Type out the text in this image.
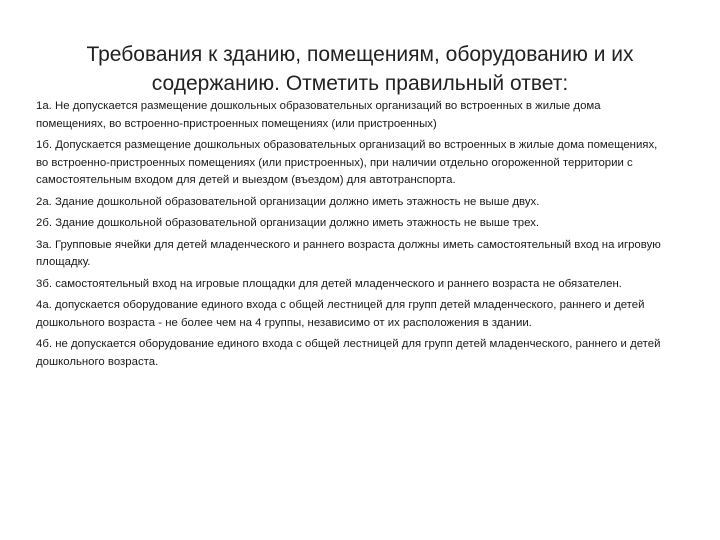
Требования к зданию, помещениям, оборудованию и их содержанию. Отметить правильный ответ:
1а. Не допускается размещение дошкольных образовательных организаций во встроенных в жилые дома помещениях, во встроенно-пристроенных помещениях (или пристроенных)
1б. Допускается размещение дошкольных образовательных организаций во встроенных в жилые дома помещениях, во встроенно-пристроенных помещениях (или пристроенных), при наличии отдельно огороженной территории с самостоятельным входом для детей и выездом (въездом) для автотранспорта.
2а. Здание дошкольной образовательной организации должно иметь этажность не выше двух.
2б. Здание дошкольной образовательной организации должно иметь этажность не выше трех.
3а. Групповые ячейки для детей младенческого и раннего возраста должны иметь самостоятельный вход на игровую площадку.
3б. самостоятельный вход на игровые площадки для детей младенческого и раннего возраста не обязателен.
4а. допускается оборудование единого входа с общей лестницей для групп детей младенческого, раннего и детей дошкольного возраста - не более чем на 4 группы, независимо от их расположения в здании.
4б. не допускается оборудование единого входа с общей лестницей для групп детей младенческого, раннего и детей дошкольного возраста.
